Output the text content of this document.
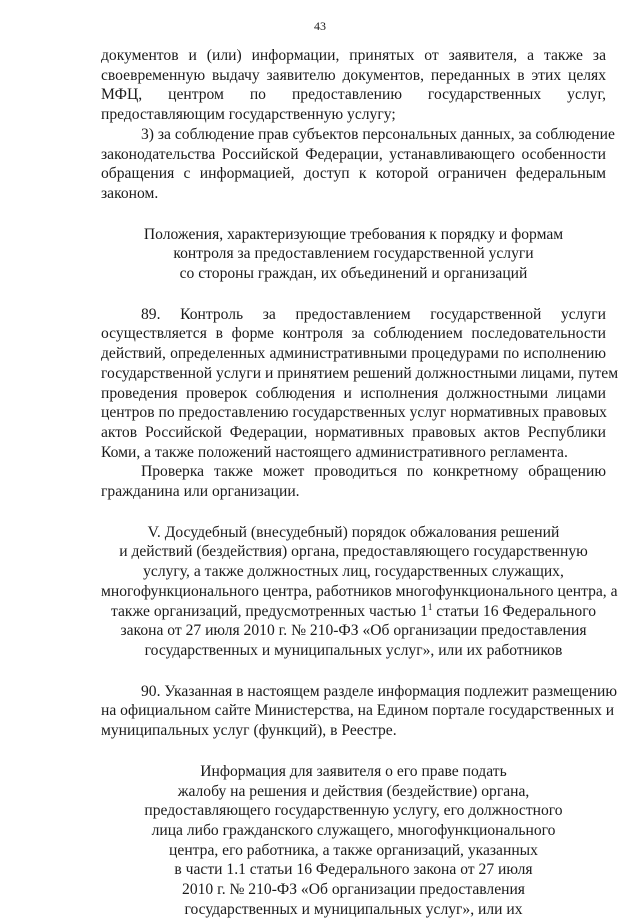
43
документов и (или) информации, принятых от заявителя, а также за
своевременную выдачу заявителю документов, переданных в этих целях
МФЦ, центром по предоставлению государственных услуг,
предоставляющим государственную услугу;
3) за соблюдение прав субъектов персональных данных, за соблюдение
законодательства Российской Федерации, устанавливающего особенности
обращения с информацией, доступ к которой ограничен федеральным
законом.
Положения, характеризующие требования к порядку и формам
контроля за предоставлением государственной услуги
со стороны граждан, их объединений и организаций
89. Контроль за предоставлением государственной услуги
осуществляется в форме контроля за соблюдением последовательности
действий, определенных административными процедурами по исполнению
государственной услуги и принятием решений должностными лицами, путем
проведения проверок соблюдения и исполнения должностными лицами
центров по предоставлению государственных услуг нормативных правовых
актов Российской Федерации, нормативных правовых актов Республики
Коми, а также положений настоящего административного регламента.
Проверка также может проводиться по конкретному обращению
гражданина или организации.
V. Досудебный (внесудебный) порядок обжалования решений
и действий (бездействия) органа, предоставляющего государственную
услугу, а также должностных лиц, государственных служащих,
многофункционального центра, работников многофункционального центра, а
также организаций, предусмотренных частью $1^1$ статьи 16 Федерального
закона от 27 июля 2010 г. № 210-ФЗ «Об организации предоставления
государственных и муниципальных услуг», или их работников
90. Указанная в настоящем разделе информация подлежит размещению
на официальном сайте Министерства, на Едином портале государственных и
муниципальных услуг (функций), в Реестре.
Информация для заявителя о его праве подать
жалобу на решения и действия (бездействие) органа,
предоставляющего государственную услугу, его должностного
лица либо гражданского служащего, многофункционального
центра, его работника, а также организаций, указанных
в части 1.1 статьи 16 Федерального закона от 27 июля
2010 г. № 210-ФЗ «Об организации предоставления
государственных и муниципальных услуг», или их
